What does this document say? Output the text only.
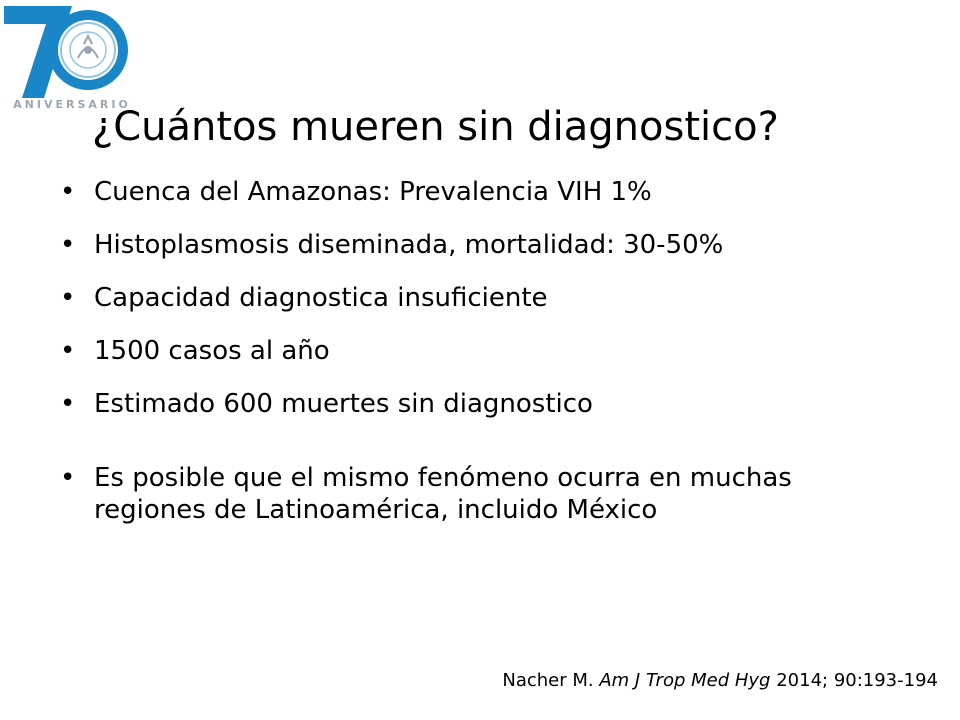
ANIVERSARIO
¿Cuántos mueren sin diagnostico?
• Cuenca del Amazonas: Prevalencia VIH 1%
• Histoplasmosis diseminada, mortalidad: 30-50%
• Capacidad diagnostica insuficiente
• 1500 casos al año
• Estimado 600 muertes sin diagnostico
• Es posible que el mismo fenómeno ocurra en muchas regiones de Latinoamérica, incluido México
Nacher M. Am J Trop Med Hyg 2014; 90:193-194
